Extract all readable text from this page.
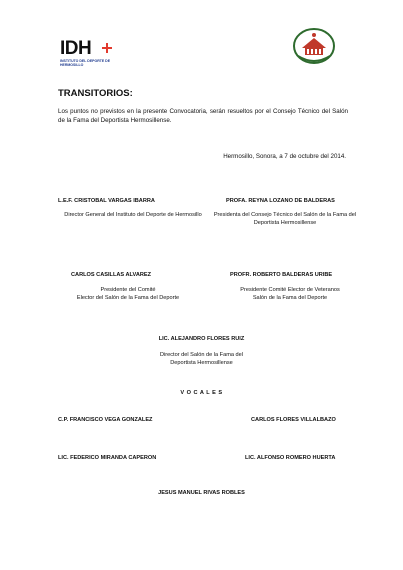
IDH
INSTITUTO DEL DEPORTE DE HERMOSILLO
TRANSITORIOS:
Los puntos no previstos en la presente Convocatoria, serán resueltos por el Consejo Técnico del Salón de la Fama del Deportista Hermosillense.
Hermosillo, Sonora, a 7 de octubre del 2014.
L.E.F. CRISTOBAL VARGAS IBARRA
Director General del Instituto del Deporte de Hermosillo
PROFA. REYNA LOZANO DE BALDERAS
Presidenta del Consejo Técnico del Salón de la Fama del Deportista Hermosillense
CARLOS CASILLAS ALVAREZ
Presidente del Comité
Elector del Salón de la Fama del Deporte
PROFR. ROBERTO BALDERAS URIBE
Presidente Comité Elector de Veteranos
Salón de la Fama del Deporte
LIC. ALEJANDRO FLORES RUIZ
Director del Salón de la Fama del
Deportista Hermosillense
V O C A L E S
C.P. FRANCISCO VEGA GONZALEZ	CARLOS FLORES VILLALBAZO
LIC. FEDERICO MIRANDA CAPERON	LIC. ALFONSO ROMERO HUERTA
JESUS MANUEL RIVAS ROBLES
